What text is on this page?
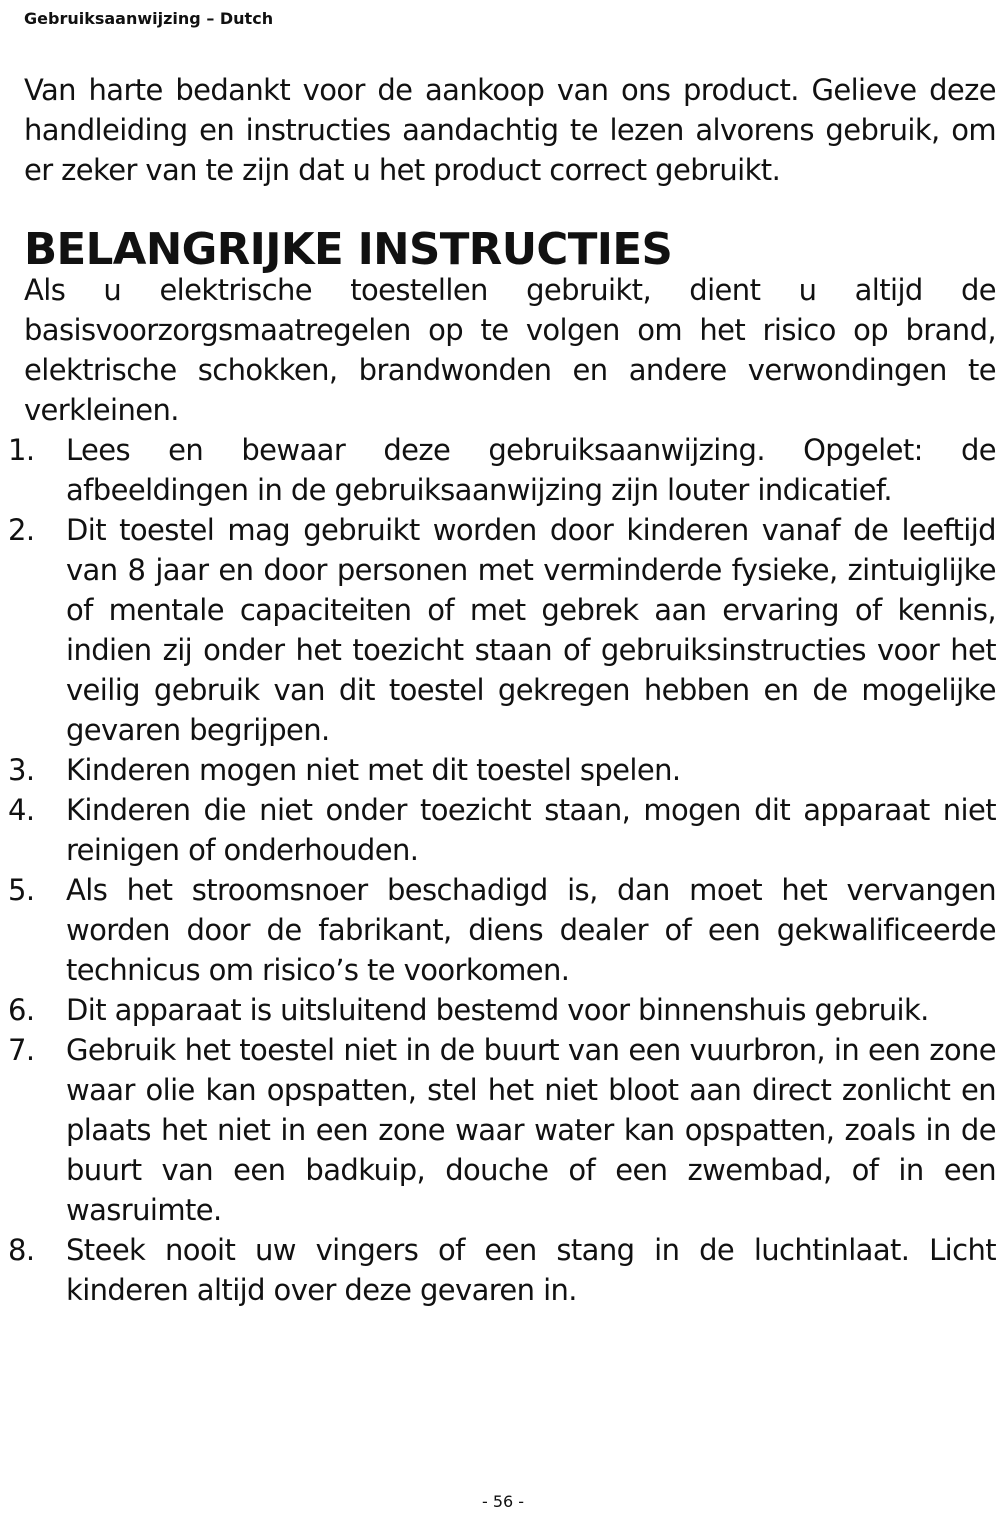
Gebruiksaanwijzing – Dutch

Van harte bedankt voor de aankoop van ons product. Gelieve deze handleiding en instructies aandachtig te lezen alvorens gebruik, om er zeker van te zijn dat u het product correct gebruikt.

BELANGRIJKE INSTRUCTIES

Als u elektrische toestellen gebruikt, dient u altijd de basisvoorzorgsmaatregelen op te volgen om het risico op brand, elektrische schokken, brandwonden en andere verwondingen te verkleinen.

1. Lees en bewaar deze gebruiksaanwijzing. Opgelet: de afbeeldingen in de gebruiksaanwijzing zijn louter indicatief.
2. Dit toestel mag gebruikt worden door kinderen vanaf de leeftijd van 8 jaar en door personen met verminderde fysieke, zintuiglijke of mentale capaciteiten of met gebrek aan ervaring of kennis, indien zij onder het toezicht staan of gebruiksinstructies voor het veilig gebruik van dit toestel gekregen hebben en de mogelijke gevaren begrijpen.
3. Kinderen mogen niet met dit toestel spelen.
4. Kinderen die niet onder toezicht staan, mogen dit apparaat niet reinigen of onderhouden.
5. Als het stroomsnoer beschadigd is, dan moet het vervangen worden door de fabrikant, diens dealer of een gekwalificeerde technicus om risico’s te voorkomen.
6. Dit apparaat is uitsluitend bestemd voor binnenshuis gebruik.
7. Gebruik het toestel niet in de buurt van een vuurbron, in een zone waar olie kan opspatten, stel het niet bloot aan direct zonlicht en plaats het niet in een zone waar water kan opspatten, zoals in de buurt van een badkuip, douche of een zwembad, of in een wasruimte.
8. Steek nooit uw vingers of een stang in de luchtinlaat. Licht kinderen altijd over deze gevaren in.
- 56 -
